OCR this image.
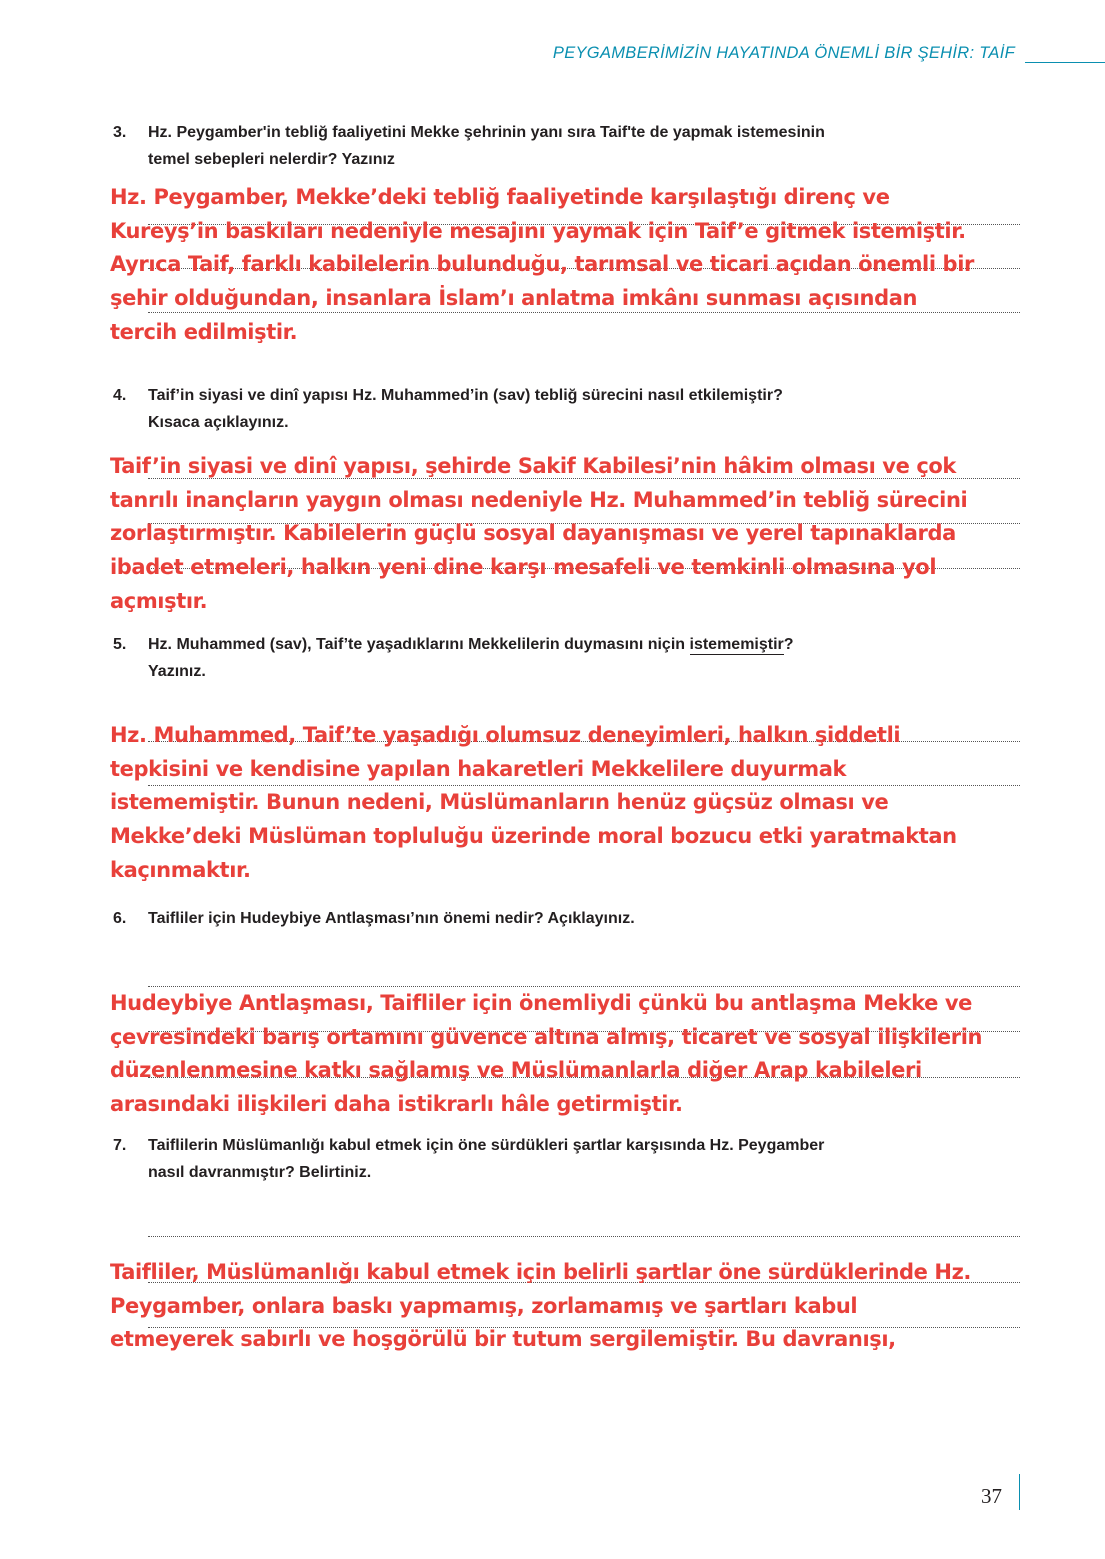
PEYGAMBERİMİZİN HAYATINDA ÖNEMLİ BİR ŞEHİR: TAİF
3. Hz. Peygamber'in tebliğ faaliyetini Mekke şehrinin yanı sıra Taif'te de yapmak istemesinin
temel sebepleri nelerdir? Yazınız
Hz. Peygamber, Mekke’deki tebliğ faaliyetinde karşılaştığı direnç ve
Kureyş’in baskıları nedeniyle mesajını yaymak için Taif’e gitmek istemiştir.
Ayrıca Taif, farklı kabilelerin bulunduğu, tarımsal ve ticari açıdan önemli bir
şehir olduğundan, insanlara İslam’ı anlatma imkânı sunması açısından
tercih edilmiştir.
4. Taif’in siyasi ve dinî yapısı Hz. Muhammed’in (sav) tebliğ sürecini nasıl etkilemiştir?
Kısaca açıklayınız.
Taif’in siyasi ve dinî yapısı, şehirde Sakif Kabilesi’nin hâkim olması ve çok
tanrılı inançların yaygın olması nedeniyle Hz. Muhammed’in tebliğ sürecini
zorlaştırmıştır. Kabilelerin güçlü sosyal dayanışması ve yerel tapınaklarda
ibadet etmeleri, halkın yeni dine karşı mesafeli ve temkinli olmasına yol
açmıştır.
5. Hz. Muhammed (sav), Taif’te yaşadıklarını Mekkelilerin duymasını niçin istememiştir?
Yazınız.
Hz. Muhammed, Taif’te yaşadığı olumsuz deneyimleri, halkın şiddetli
tepkisini ve kendisine yapılan hakaretleri Mekkelilere duyurmak
istememiştir. Bunun nedeni, Müslümanların henüz güçsüz olması ve
Mekke’deki Müslüman topluluğu üzerinde moral bozucu etki yaratmaktan
kaçınmaktır.
6. Taifliler için Hudeybiye Antlaşması’nın önemi nedir? Açıklayınız.
Hudeybiye Antlaşması, Taifliler için önemliydi çünkü bu antlaşma Mekke ve
çevresindeki barış ortamını güvence altına almış, ticaret ve sosyal ilişkilerin
düzenlenmesine katkı sağlamış ve Müslümanlarla diğer Arap kabileleri
arasındaki ilişkileri daha istikrarlı hâle getirmiştir.
7. Taiflilerin Müslümanlığı kabul etmek için öne sürdükleri şartlar karşısında Hz. Peygamber
nasıl davranmıştır? Belirtiniz.
Taifliler, Müslümanlığı kabul etmek için belirli şartlar öne sürdüklerinde Hz.
Peygamber, onlara baskı yapmamış, zorlamamış ve şartları kabul
etmeyerek sabırlı ve hoşgörülü bir tutum sergilemiştir. Bu davranışı,
37
